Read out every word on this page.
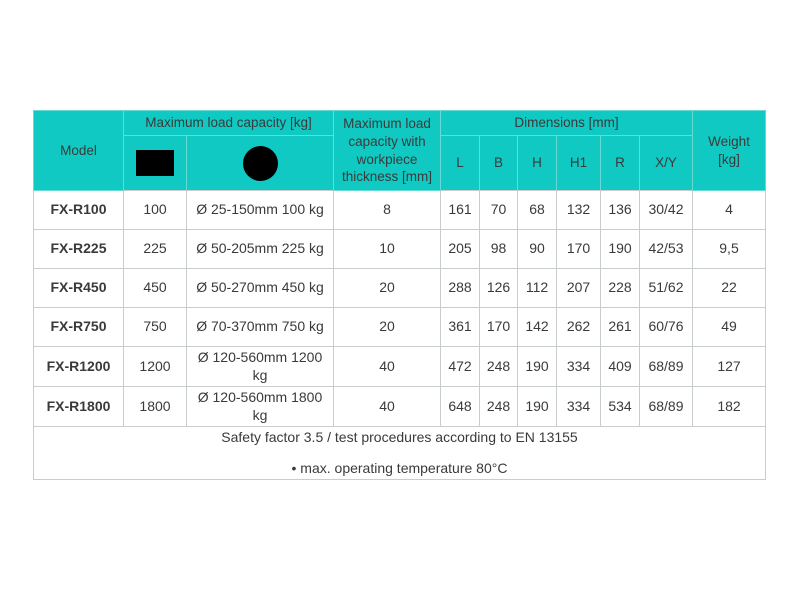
Model	Maximum load capacity [kg]		Maximum load capacity with workpiece thickness [mm]	Dimensions [mm]						Weight [kg]
				L	B	H	H1	R	X/Y	
FX-R100	100	Ø 25-150mm 100 kg	8	161	70	68	132	136	30/42	4
FX-R225	225	Ø 50-205mm 225 kg	10	205	98	90	170	190	42/53	9,5
FX-R450	450	Ø 50-270mm 450 kg	20	288	126	112	207	228	51/62	22
FX-R750	750	Ø 70-370mm 750 kg	20	361	170	142	262	261	60/76	49
FX-R1200	1200	Ø 120-560mm 1200 kg	40	472	248	190	334	409	68/89	127
FX-R1800	1800	Ø 120-560mm 1800 kg	40	648	248	190	334	534	68/89	182

Safety factor 3.5 / test procedures according to EN 13155
• max. operating temperature 80°C										
